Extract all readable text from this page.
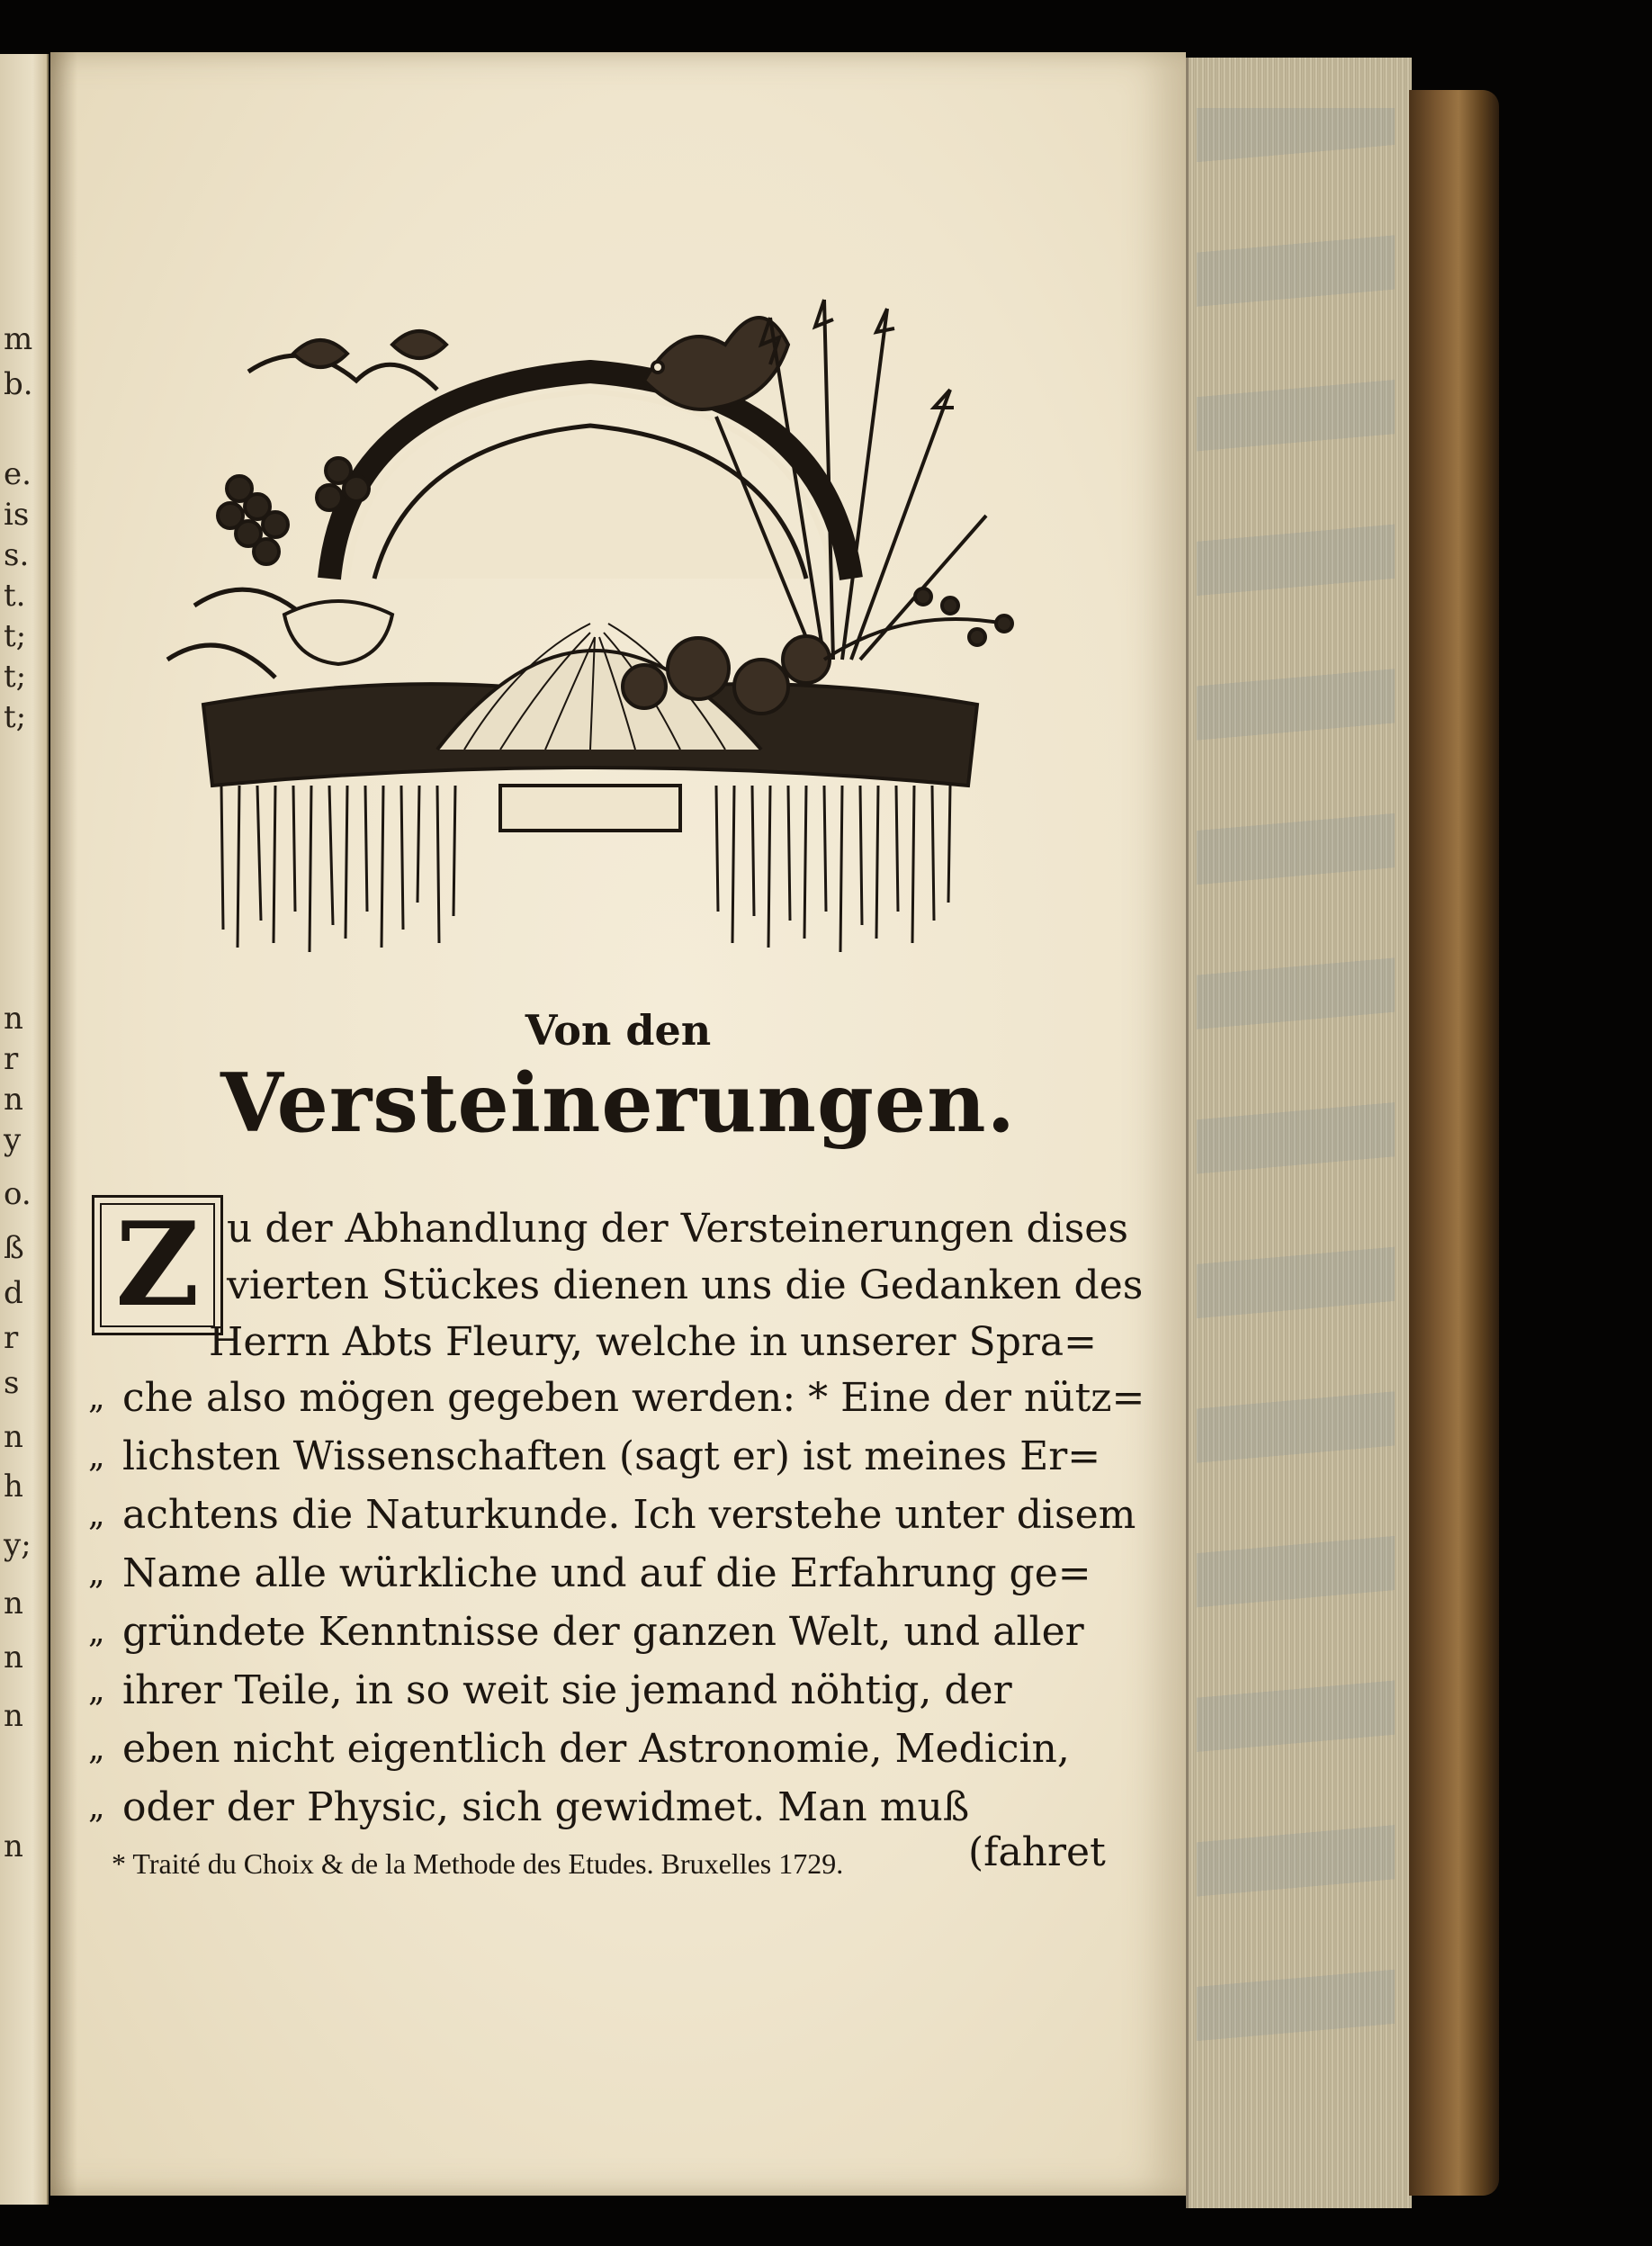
m
b.
e.
is
s.
t.
t;
t;
t;
n
r
n
y
o.
ß
d
r
s
n
h
y;
n
n
n
n
Von den
Versteinerungen.
Z u der Abhandlung der Versteinerungen dises
vierten Stückes dienen uns die Gedanken des
Herrn Abts Fleury, welche in unserer Spra=
„ che also mögen gegeben werden: * Eine der nütz=
„ lichsten Wissenschaften (sagt er) ist meines Er=
„ achtens die Naturkunde. Ich verstehe unter disem
„ Name alle würkliche und auf die Erfahrung ge=
„ gründete Kenntnisse der ganzen Welt, und aller
„ ihrer Teile, in so weit sie jemand nöhtig, der
„ eben nicht eigentlich der Astronomie, Medicin,
„ oder der Physic, sich gewidmet. Man muß
(fahret
* Traité du Choix & de la Methode des Etudes. Bruxelles 1729.
